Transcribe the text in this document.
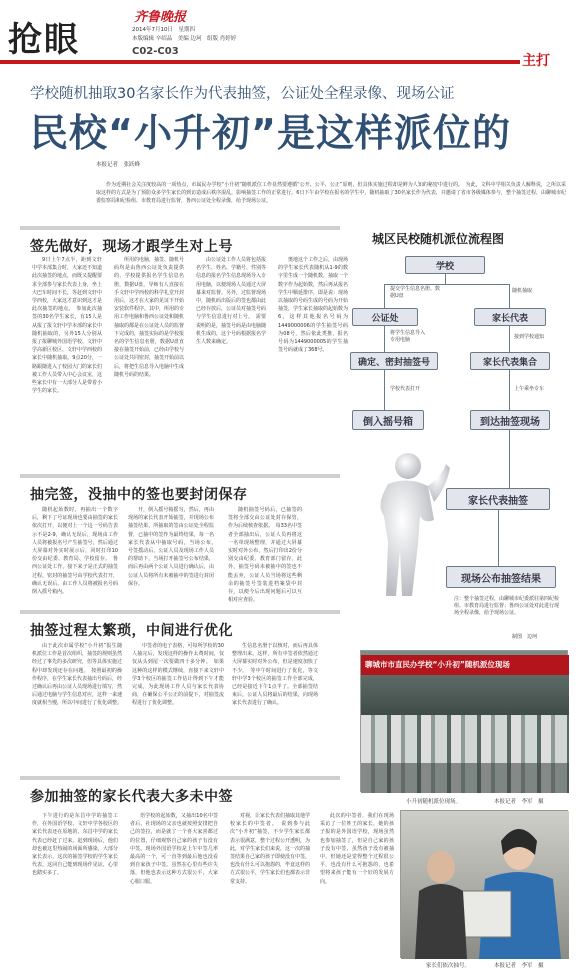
抢眼
齐鲁晚报
2014年7月10日　星期四
本版编辑 辛绍品　美编 边珂　组版 肖婷婷
C02-C03
主打
学校随机抽取30名家长作为代表抽签，公证处全程录像、现场公证
民校“小升初”是这样派位的
本报记者　张跃峰

作为近期社会关注度较高的一项热点，市属民办学校“小升初”随机派位工作显然要遵循“公开、公平、公正”原则，但具体实施过程却是鲜为人知的秘密中进行的。　为此，文科中学相关负责人解释说，之所以采取这样的方式是为了预防众多学生家长的到访造成后秩序混乱，影响抽签工作的正常进行。6日下午由学校在报名的学生中，随机抽取了30名家长作为代表，并邀请了省市各级媒体参与，整个抽签过程，由聊城市纪委监察局和纪检组、市教育局进行监督，鲁西公证处全程录像，给予现场公证。

签先做好，现场才跟学生对上号

9日上午7点半，距到文轩中学本部集合时，大家还不知道此次抽签的地点，而既又提醒要求全部参与家长代表上身，坐上大巴车时间不长，等赶到文轩中学西校，大家这才意识到这才是此次抽签的地点。　参加此次抽签的30名学生家长，有15人是从报了报文轩中学本部的家长中随机抽取的，另外15人分别从报了报聊城外国语学校、文轩中学高新区校区、文轩中学西校的家长中随机抽取。9点20分，一路跟随进入了校园大门的家长们被工作人员带入中心会议室，这些家长中有一大部分人是带着小学生的家长。

所用的电脑，抽签、随机号码均是由鲁西公证处负责提供的，学校提供报名学生信息名册，数据U盘，导师有人直接在手文轩中学西校的科学礼堂开封用后，这才在大家的见证下开始安装软件程序。其中，所用的专用工作电脑和鲁西公证处和随机抽取的都是在公证处人员的监督下完成的，抽签实际的是学校报名的学生信息名册，数据U盘直接在抽签开始前，已经由学校与公证处共同密封，抽签开始前以后，将把生信息导入电脑中生成随机号码的结果。

由公证处工作人员将包括报名学生、姓名、学籍号、性别等信息的报名学生信息现场导入专用电脑，以便现场人员通过大屏幕来对监督。另外，过监督现场中，随机码出版后的签也都由此已经存放后，公证员对抽签号码与学生信息进行对上号。　需要说明的是，抽签号码是由电脑随机生成的，这个号码根据报名学生人数来确定。

奥地这个工作之后，由现场的学生家长代表随机从1-9的数字里生成一个随机数，抽取一个数字作为起始数，然后再从报名学生中顺延排序，即是说：现场以抽取的号码生成的号码为开始抽签，学生家长抽取的起始数为6，这样其他报名号码为1449000006的学生抽签号码为08号，然后依此类推，报名号码为1449000005的学生抽签号码就成了368号。

抽完签，没抽中的签也要封闭保存

随机起始数时，再抽出一个数字后，剩下了号证现场也要由抽签的家长依次打开，以便对上一个这一号码告表示不是2-9，确认无误后，现场由工作人员将被报名号产生抽签号，然后通过大屏幕对外实时展示后，同时打印10份交由纪委、教育局、学校留存。　鲁西公证处工作，接下来子是正式的抽签过程，密封的抽签号由学校代表打开，确认无误后，由工作人员将被报名号码倒入摇号箱内。

开，倒入摇号箱摇匀，然后，再由现场的家长代表开始抽签，并现场公布抽签结果，所抽取的签由公证处全程监督，已抽中的签作为最终结果，每一名家长代表从中抽取号码，当场公布。　号签摇动后，公证人员及现场工作人员的帮助下，当场打开抽签号公布结果，而后再由两个公证人员进行确认后，由公证人员将所有未被抽中的签进行封闭保存。

随机抽签号码后，已抽签的签将全部交由公证处封存保管，作为后续核查依据。　每33名中签者全部抽出后，公证人员再将这一名单现场整理，并通过大屏幕实时对外公布，然后打印出2份分别交由纪委、教育部门留存。此外，抽签号码未被抽中的签也不能丢弃，公证人员当场将这些剩余的抽签号签装进档案袋中封存，以便今后出现问题后可以互相对应查验。

抽签过程太繁琐，中间进行优化

由于此次市属学校“小升初”报生随机派位工作是首次组织，抽签的规则虽然经过了事先的多次研究，但等具体实施过程中却发现还存在问题。　按照最初的操作程序，在学生家长代表抽出号码后，经过确认后再由公证人员现场进行填写，然后通过电脑与学生信息对应，这样一来速度就相当慢，所以中间进行了优化调整。

中签者的电子表格，可每所学校的30人抽完后，发现这样的操作太费时间，仅仅从头到尾一次要做四十多分钟。　如果这种的这样的模式继续，直接下来文轩中学3个校区的抽签工作估计得到下午才能完成，为此现场工作人员与家长代表协商，在确保公平公正的前提下，对抽签流程进行了优化调整。

生信息名册于以核对，而后再具体整理出来。这样，所有中签者依然通过大屏幕实时对外公布，但是速度加快了不少。　等中午时间进行了优化，等文轩中学3个校区的抽签工作全部完成，已经是接近下午1点半了。全部抽签结束后，公证人员将最后的结果，向现场家长代表进行了确认。

参加抽签的家长代表大多未中签

下午进行的是东昌中学的抽签工作，在外国语学校、文轩中学各校区的家长代表还在原地的，东昌中学的家长代表已经赶了过来。赶到现场后，他们却也被这里热闹的场面所感染，大部分家长表示，这次的抽签学校的学生家长代表，这回自己能到现场作见证，心里也踏实多了。

语学校的起始数，又抽出10名中签者后，社现场的父亲也就按照安排把自己的签拉，而是就了一个喜大家喜都过的位置，仔细观察自己家的孩子有没有中签。现场外国语学校是上午中签几率最高的一个，可一直等到最后他也没看到自家孩子中签。虽然在心里有些许失落，但他也表示这种方式很公平，大家心服口服。

对视，让家长代表们抽取其他学校家长的中签者。　说到参与此次“小升初”抽签，不少学生家长都表示很满意，整个过程公开透明，为此，对学生家长们来说，这一次的抽签结果自己家的孩子即使没有中签，也没有什么可以抱怨的，毕竟这样的方式很公平，学生家长们也都表示非常支持。

此次的中签者，我们在现场采访了一位姓王的家长，她的孩子报的是外国语学校，现场虽然也参加抽签了，但是自己家的孩子没有中签，虽然孩子没有被抽中，但她还是觉得整个过程很公平，也没有什么可抱怨的，也希望将来孩子能有一个好的发展方向。

城区民校随机派位流程图
学校
提交学生信息名册、数据U盘
随机抽取
公证处	家长代表
将学生信息导入专用电脑	接到学校通知
确定、密封抽签号	家长代表集合
学校代表打开	上午乘坐专车
倒入摇号箱	到达抽签现场
家长代表抽签
现场公布抽签结果
注：整个抽签过程，由聊城市纪委派驻第四纪检组、市教育局进行监督；鲁西公证处对此进行现场全程录像，给予现场公证。
制图　边珂
聊城市市直民办学校“小升初”随机派位现场
小升初随机派位现场。	本报记者　李军　摄
家长们依次抽号。	本报记者　李军　摄
